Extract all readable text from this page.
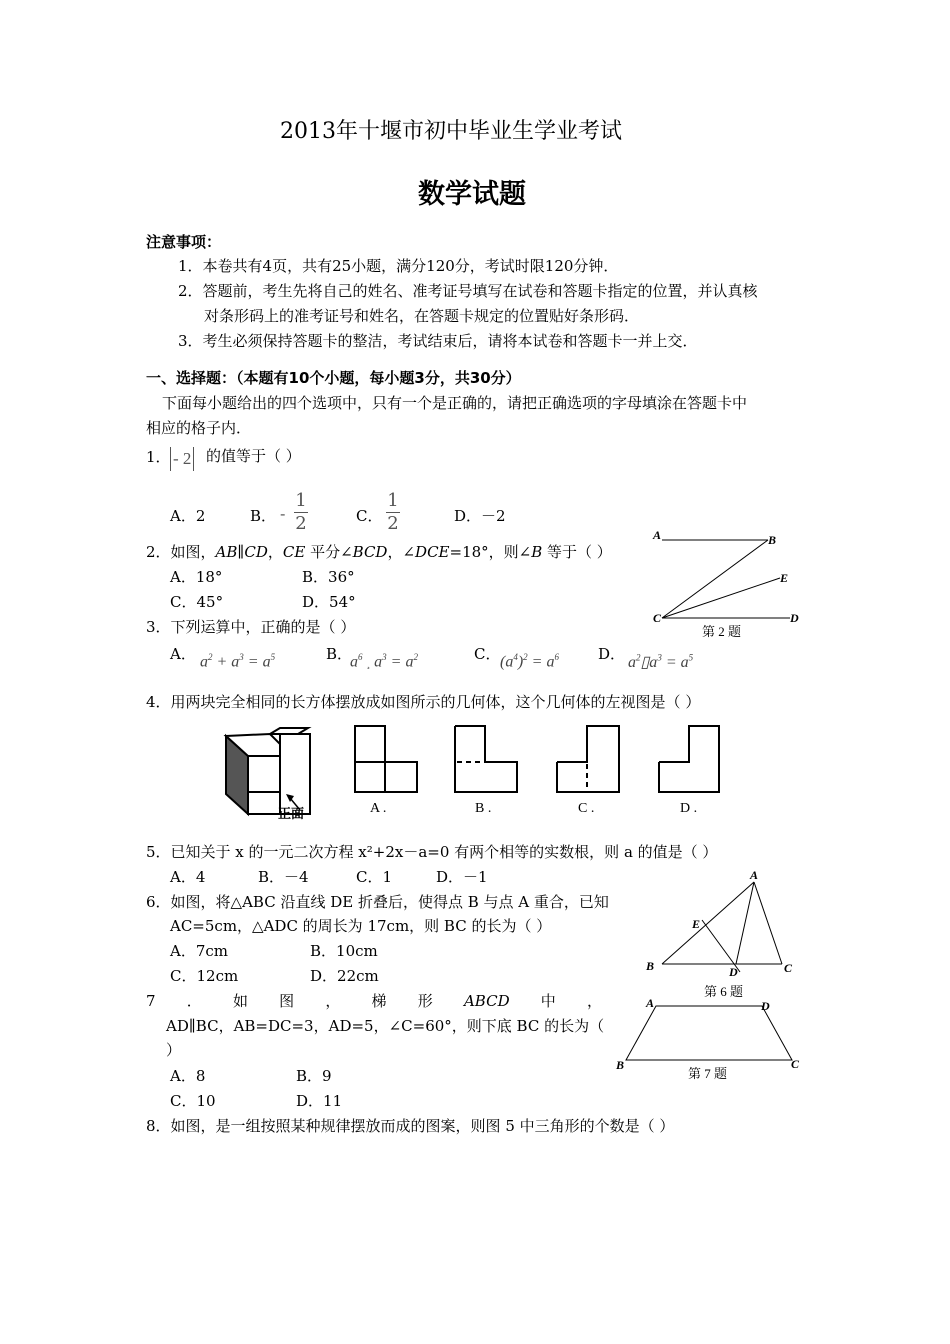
2013年十堰市初中毕业生学业考试
数学试题
注意事项：
1．本卷共有4页，共有25小题，满分120分，考试时限120分钟．
2．答题前，考生先将自己的姓名、准考证号填写在试卷和答题卡指定的位置，并认真核
对条形码上的准考证号和姓名，在答题卡规定的位置贴好条形码．
3．考生必须保持答题卡的整洁，考试结束后，请将本试卷和答题卡一并上交．
一、选择题：（本题有10个小题，每小题3分，共30分）
下面每小题给出的四个选项中，只有一个是正确的，请把正确选项的字母填涂在答题卡中
相应的格子内．
1． - 2 的值等于（ ）
A．2	B． - $\frac{1}{2}$	C． $\frac{1}{2}$	D．－2
2．如图，AB∥CD，CE 平分∠BCD，∠DCE=18°，则∠B 等于（ ）
A．18°	B．36°
C．45°	D．54°
A	B
E
C	D
第 2 题
3．下列运算中，正确的是（ ）
A． $a^2 + a^3 = a^5$	B．
$a^6$ ¸ $a^3 = a^2$	C． $(a^4)^2 = a^6$	D． $a^2▯a^3 = a^5$
4．用两块完全相同的长方体摆放成如图所示的几何体，这个几何体的左视图是（ ）
正面	A .	B .	C .	D .
5．已知关于 x 的一元二次方程 x²+2x－a=0 有两个相等的实数根，则 a 的值是（ ）
A．4	B．－4	C．1	D．－1
6．如图，将△ABC 沿直线 DE 折叠后，使得点 B 与点 A 重合，已知
AC=5cm，△ADC 的周长为 17cm，则 BC 的长为（ ）
A．7cm	B．10cm
C．12cm	D．22cm
A
E
B	D	C
第 6 题
7 ． 如 图 ， 梯 形 ABCD 中 ，
AD∥BC，AB=DC=3，AD=5，∠C=60°，则下底 BC 的长为（
）
A．8	B．9
C．10	D．11
A	D
B	C
第 7 题
8．如图，是一组按照某种规律摆放而成的图案，则图 5 中三角形的个数是（ ）
